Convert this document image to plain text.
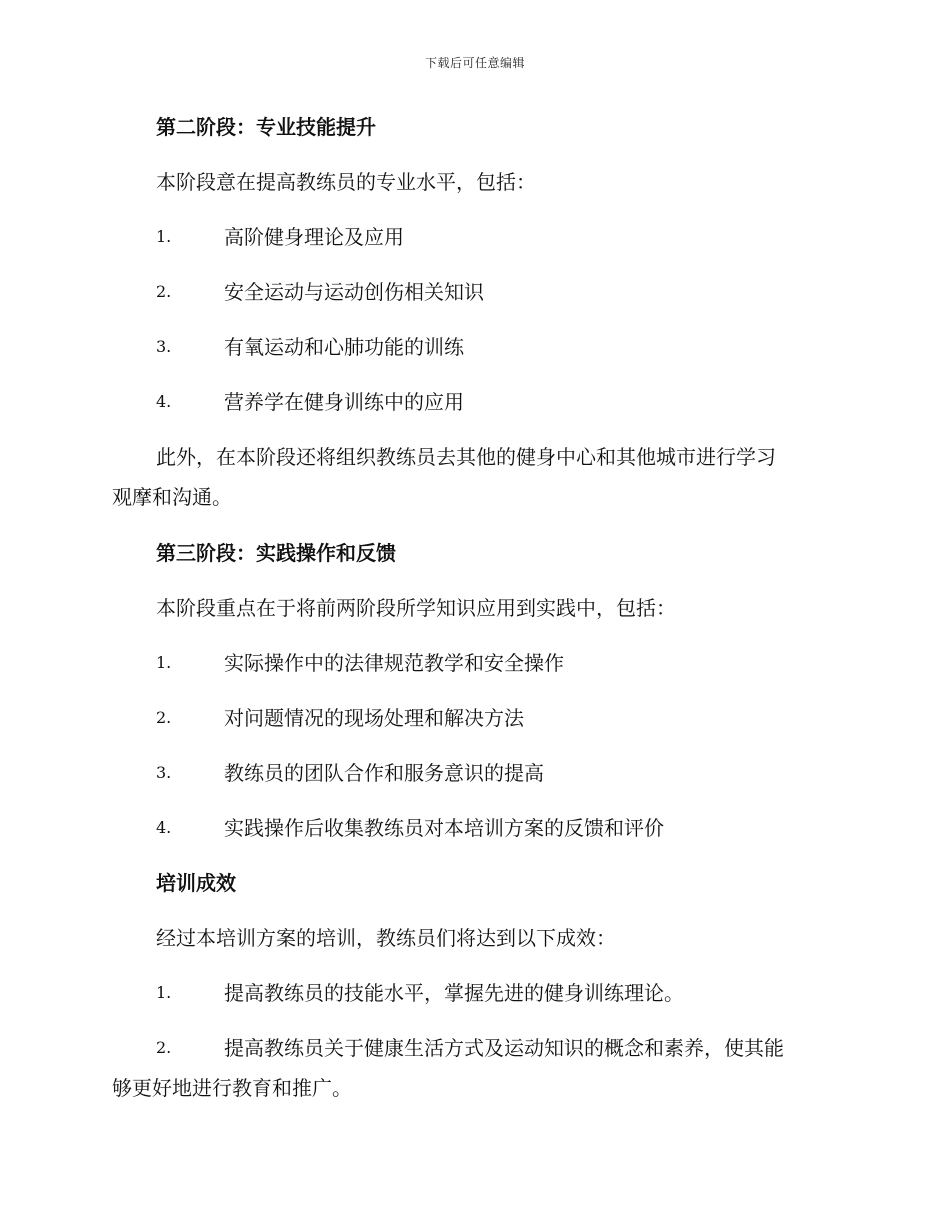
下载后可任意编辑
第二阶段：专业技能提升
本阶段意在提高教练员的专业水平，包括：
1.	高阶健身理论及应用
2.	安全运动与运动创伤相关知识
3.	有氧运动和心肺功能的训练
4.	营养学在健身训练中的应用
此外，在本阶段还将组织教练员去其他的健身中心和其他城市进行学习
观摩和沟通。
第三阶段：实践操作和反馈
本阶段重点在于将前两阶段所学知识应用到实践中，包括：
1.	实际操作中的法律规范教学和安全操作
2.	对问题情况的现场处理和解决方法
3.	教练员的团队合作和服务意识的提高
4.	实践操作后收集教练员对本培训方案的反馈和评价
培训成效
经过本培训方案的培训，教练员们将达到以下成效：
1.	提高教练员的技能水平，掌握先进的健身训练理论。
2.	提高教练员关于健康生活方式及运动知识的概念和素养，使其能
够更好地进行教育和推广。
